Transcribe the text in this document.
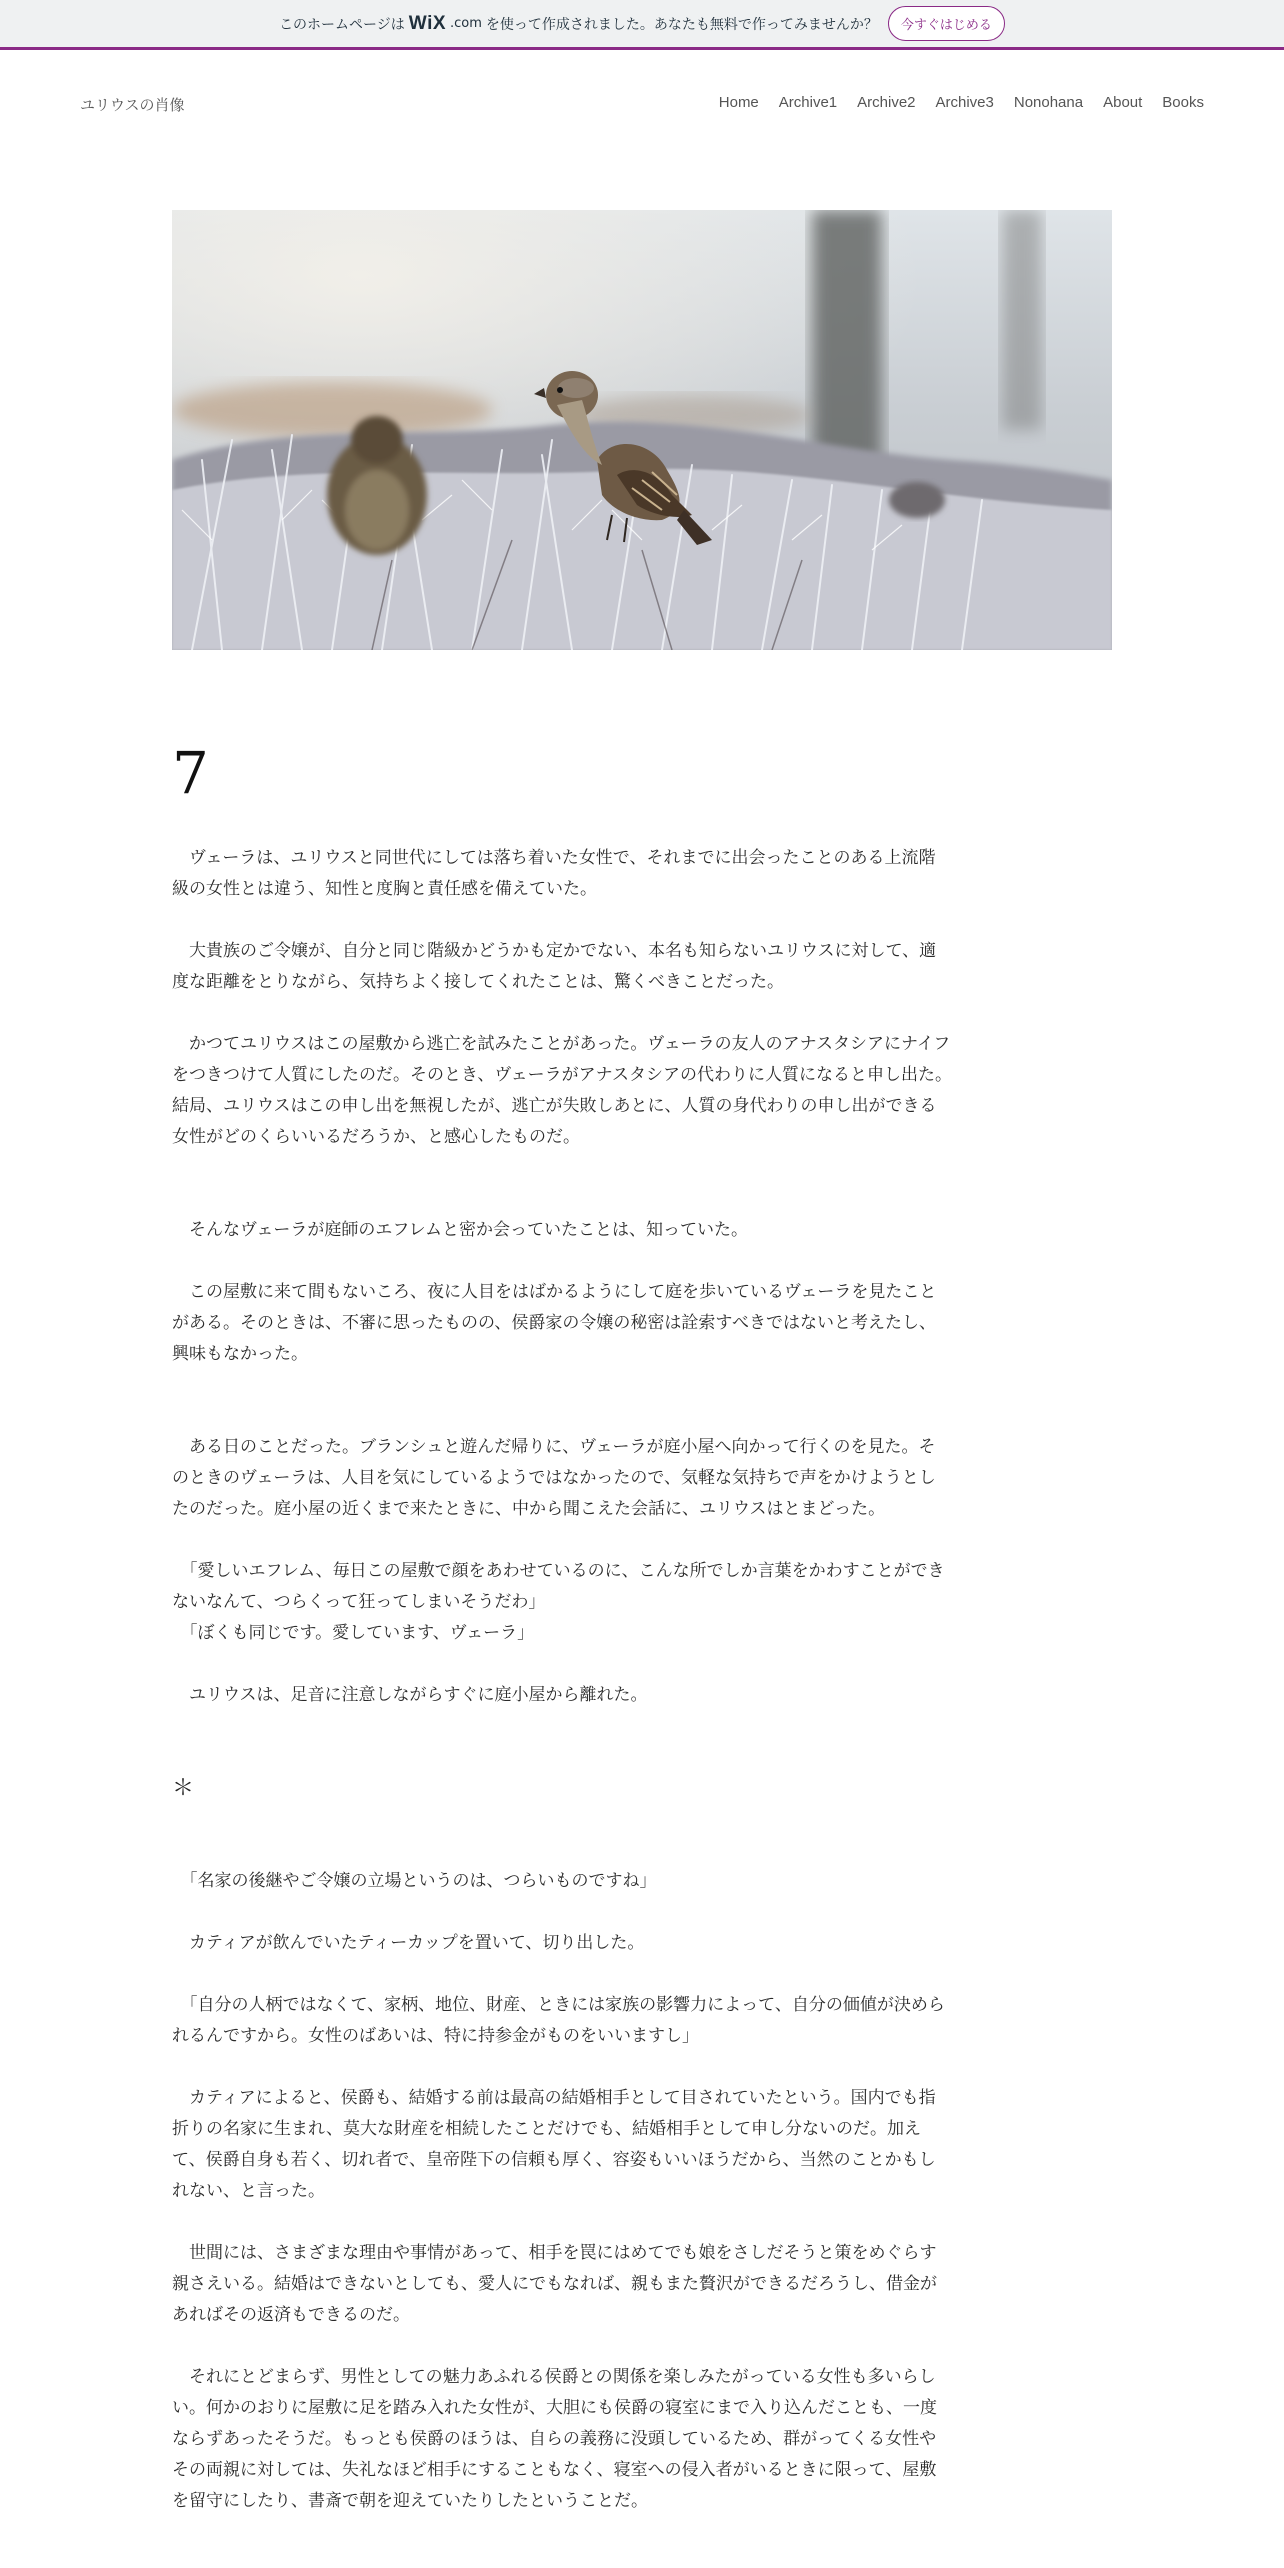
このホームページは WiX .com を使って作成されました。あなたも無料で作ってみませんか？	今すぐはじめる
ユリウスの肖像	Home Archive1 Archive2 Archive3 Nonohana About Books
7

　ヴェーラは、ユリウスと同世代にしては落ち着いた女性で、それまでに出会ったことのある上流階級の女性とは違う、知性と度胸と責任感を備えていた。

　大貴族のご令嬢が、自分と同じ階級かどうかも定かでない、本名も知らないユリウスに対して、適度な距離をとりながら、気持ちよく接してくれたことは、驚くべきことだった。

　かつてユリウスはこの屋敷から逃亡を試みたことがあった。ヴェーラの友人のアナスタシアにナイフをつきつけて人質にしたのだ。そのとき、ヴェーラがアナスタシアの代わりに人質になると申し出た。結局、ユリウスはこの申し出を無視したが、逃亡が失敗しあとに、人質の身代わりの申し出ができる女性がどのくらいいるだろうか、と感心したものだ。

　そんなヴェーラが庭師のエフレムと密か会っていたことは、知っていた。

　この屋敷に来て間もないころ、夜に人目をはばかるようにして庭を歩いているヴェーラを見たことがある。そのときは、不審に思ったものの、侯爵家の令嬢の秘密は詮索すべきではないと考えたし、興味もなかった。

　ある日のことだった。ブランシュと遊んだ帰りに、ヴェーラが庭小屋へ向かって行くのを見た。そのときのヴェーラは、人目を気にしているようではなかったので、気軽な気持ちで声をかけようとしたのだった。庭小屋の近くまで来たときに、中から聞こえた会話に、ユリウスはとまどった。

　「愛しいエフレム、毎日この屋敷で顔をあわせているのに、こんな所でしか言葉をかわすことができないなんて、つらくって狂ってしまいそうだわ」

　「ぼくも同じです。愛しています、ヴェーラ」

　ユリウスは、足音に注意しながらすぐに庭小屋から離れた。

＊

　「名家の後継やご令嬢の立場というのは、つらいものですね」

　カティアが飲んでいたティーカップを置いて、切り出した。

　「自分の人柄ではなくて、家柄、地位、財産、ときには家族の影響力によって、自分の価値が決められるんですから。女性のばあいは、特に持参金がものをいいますし」

　カティアによると、侯爵も、結婚する前は最高の結婚相手として目されていたという。国内でも指折りの名家に生まれ、莫大な財産を相続したことだけでも、結婚相手として申し分ないのだ。加えて、侯爵自身も若く、切れ者で、皇帝陛下の信頼も厚く、容姿もいいほうだから、当然のことかもしれない、と言った。

　世間には、さまざまな理由や事情があって、相手を罠にはめてでも娘をさしだそうと策をめぐらす親さえいる。結婚はできないとしても、愛人にでもなれば、親もまた贅沢ができるだろうし、借金があればその返済もできるのだ。

　それにとどまらず、男性としての魅力あふれる侯爵との関係を楽しみたがっている女性も多いらしい。何かのおりに屋敷に足を踏み入れた女性が、大胆にも侯爵の寝室にまで入り込んだことも、一度ならずあったそうだ。もっとも侯爵のほうは、自らの義務に没頭しているため、群がってくる女性やその両親に対しては、失礼なほど相手にすることもなく、寝室への侵入者がいるときに限って、屋敷を留守にしたり、書斎で朝を迎えていたりしたということだ。
